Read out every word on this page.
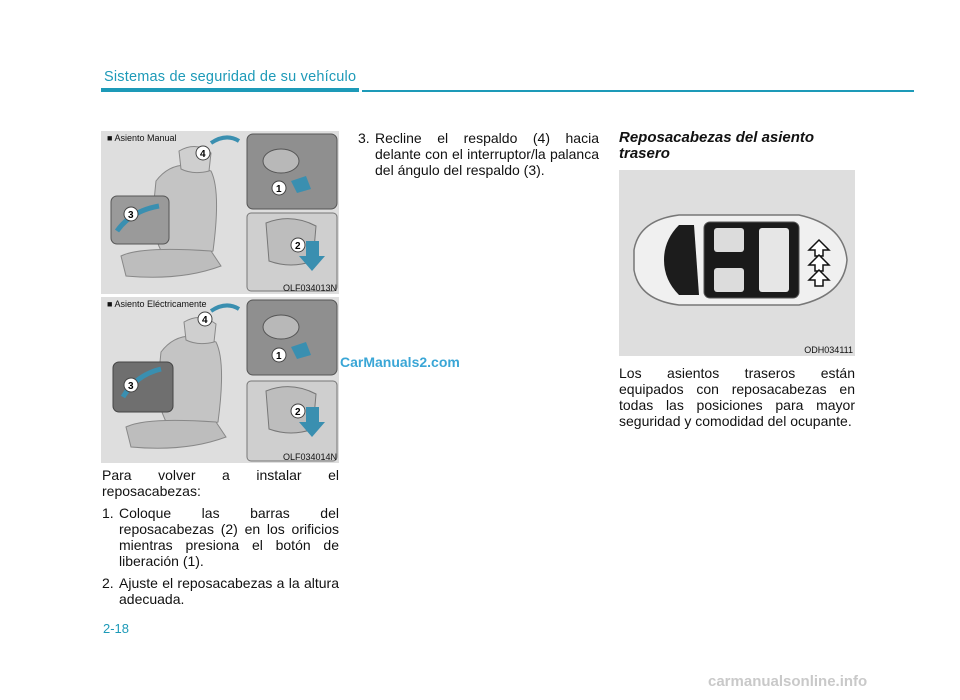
Sistemas de seguridad de su vehículo
4
3
1
2
■ Asiento Manual
OLF034013N
4
3
1
2
■ Asiento Eléctricamente
OLF034014N
Para volver a instalar el reposacabezas:
1. Coloque las barras del reposacabezas (2) en los orificios mientras presiona el botón de liberación (1).
2. Ajuste el reposacabezas a la altura adecuada.
3. Recline el respaldo (4) hacia delante con el interruptor/la palanca del ángulo del respaldo (3).
Reposacabezas del asiento trasero
ODH034111
Los asientos traseros están equipados con reposacabezas en todas las posiciones para mayor seguridad y comodidad del ocupante.
CarManuals2.com
carmanualsonline.info
2-18
